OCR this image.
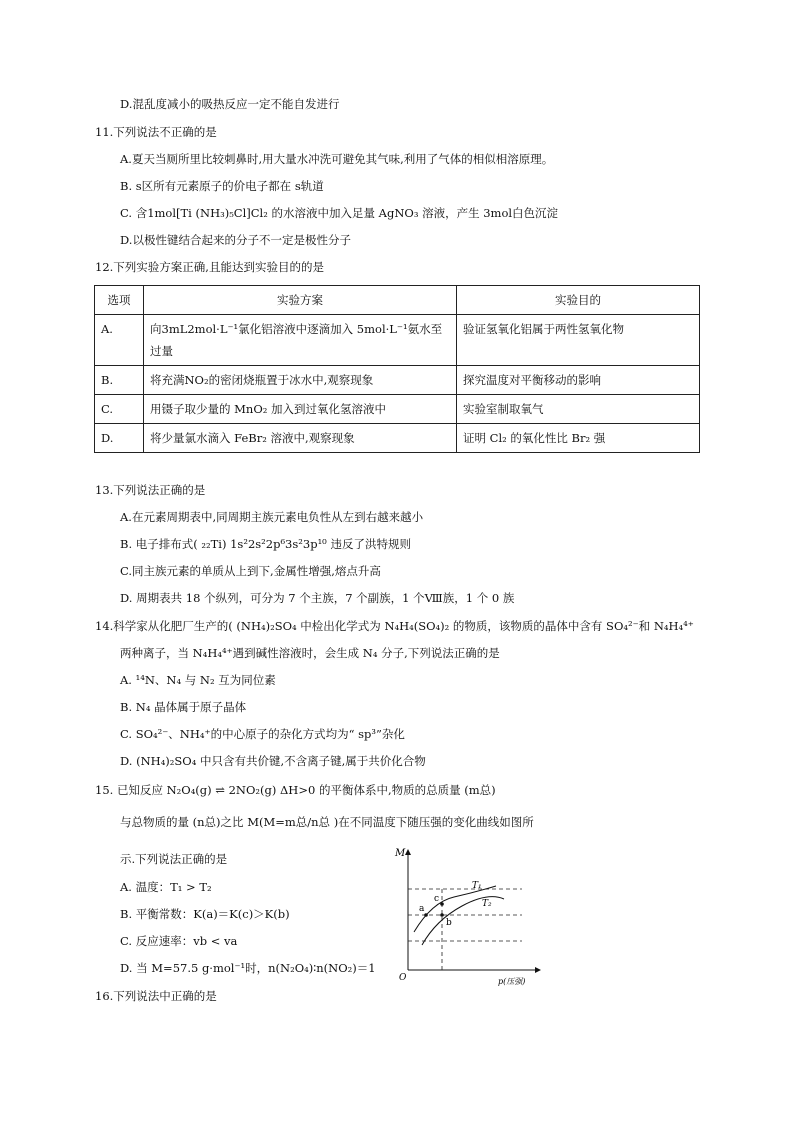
D.混乱度减小的吸热反应一定不能自发进行
11.下列说法不正确的是
A.夏天当厕所里比较刺鼻时,用大量水冲洗可避免其气味,利用了气体的相似相溶原理。
B. s区所有元素原子的价电子都在 s轨道
C. 含1mol[Ti (NH₃)₅Cl]Cl₂ 的水溶液中加入足量 AgNO₃ 溶液，产生 3mol白色沉淀
D.以极性键结合起来的分子不一定是极性分子
12.下列实验方案正确,且能达到实验目的的是
选项	实验方案	实验目的
A.	向3mL2mol·L⁻¹氯化铝溶液中逐滴加入 5mol·L⁻¹氨水至过量	验证氢氧化铝属于两性氢氧化物
B.	将充满NO₂的密闭烧瓶置于冰水中,观察现象	探究温度对平衡移动的影响
C.	用镊子取少量的 MnO₂ 加入到过氧化氢溶液中	实验室制取氧气
D.	将少量氯水滴入 FeBr₂ 溶液中,观察现象	证明 Cl₂ 的氧化性比 Br₂ 强
13.下列说法正确的是
A.在元素周期表中,同周期主族元素电负性从左到右越来越小
B. 电子排布式( ₂₂Ti) 1s²2s²2p⁶3s²3p¹⁰ 违反了洪特规则
C.同主族元素的单质从上到下,金属性增强,熔点升高
D. 周期表共 18 个纵列，可分为 7 个主族，7 个副族，1 个Ⅷ族，1 个 0 族
14.科学家从化肥厂生产的( (NH₄)₂SO₄ 中检出化学式为 N₄H₄(SO₄)₂ 的物质，该物质的晶体中含有 SO₄²⁻和 N₄H₄⁴⁺
两种离子，当 N₄H₄⁴⁺遇到碱性溶液时，会生成 N₄ 分子,下列说法正确的是
A. ¹⁴N、N₄ 与 N₂ 互为同位素
B. N₄ 晶体属于原子晶体
C. SO₄²⁻、NH₄⁺的中心原子的杂化方式均为“ sp³”杂化
D. (NH₄)₂SO₄ 中只含有共价键,不含离子键,属于共价化合物
15. 已知反应 N₂O₄(g) ⇌ 2NO₂(g) ΔH>0 的平衡体系中,物质的总质量 (m总)
与总物质的量 (n总)之比 M(M=m总/n总 )在不同温度下随压强的变化曲线如图所
示.下列说法正确的是
A. 温度：T₁ > T₂
B. 平衡常数：K(a)＝K(c)＞K(b)
C. 反应速率：vb < va
D. 当 M=57.5 g·mol⁻¹时，n(N₂O₄)∶n(NO₂)＝1
M
p(压强)
O
T₁
T₂
a
b
c
16.下列说法中正确的是
